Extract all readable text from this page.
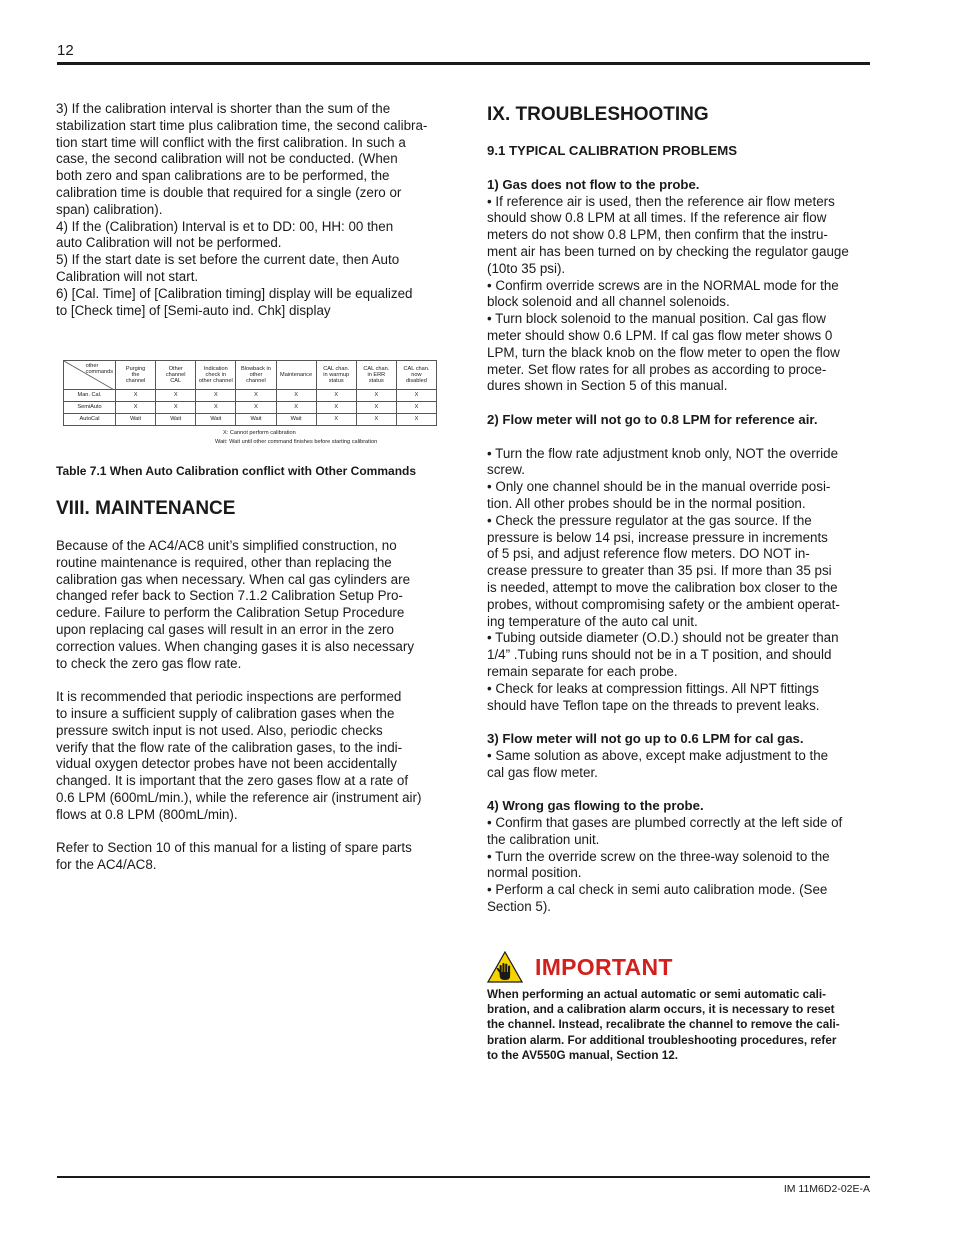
12

3) If the calibration interval is shorter than the sum of the
stabilization start time plus calibration time, the second calibra-
tion start time will conflict with the first calibration. In such a
case, the second calibration will not be conducted. (When
both zero and span calibrations are to be performed, the
calibration time is double that required for a single (zero or
span) calibration).
4) If the (Calibration) Interval is et to DD: 00, HH: 00 then
auto Calibration will not be performed.
5) If the start date is set before the current date, then Auto
Calibration will not start.
6) [Cal. Time] of [Calibration timing] display will be equalized
to [Check time] of [Semi-auto ind. Chk] display

other
commands	Purging
the
channel	Other
channel
CAL	Indication
check in
other channel	Blowback in
other
channel	Maintenance	CAL chan.
in warmup
status	CAL chan.
in ERR
status	CAL chan.
now
disabled
Man. Cal.	X	X	X	X	X	X	X	X
SemiAuto	X	X	X	X	X	X	X	X
AutoCal	Wait	Wait	Wait	Wait	Wait	X	X	X
X: Cannot perform calibration
Wait: Wait until other command finishes before starting calibration
Table 7.1 When Auto Calibration conflict with Other Commands

VIII. MAINTENANCE

Because of the AC4/AC8 unit’s simplified construction, no
routine maintenance is required, other than replacing the
calibration gas when necessary. When cal gas cylinders are
changed refer back to Section 7.1.2 Calibration Setup Pro-
cedure. Failure to perform the Calibration Setup Procedure
upon replacing cal gases will result in an error in the zero
correction values. When changing gases it is also necessary
to check the zero gas flow rate.

It is recommended that periodic inspections are performed
to insure a sufficient supply of calibration gases when the
pressure switch input is not used. Also, periodic checks
verify that the flow rate of the calibration gases, to the indi-
vidual oxygen detector probes have not been accidentally
changed. It is important that the zero gases flow at a rate of
0.6 LPM (600mL/min.), while the reference air (instrument air)
flows at 0.8 LPM (800mL/min).

Refer to Section 10 of this manual for a listing of spare parts
for the AC4/AC8.

IX. TROUBLESHOOTING

9.1 TYPICAL CALIBRATION PROBLEMS

1) Gas does not flow to the probe.

• If reference air is used, then the reference air flow meters
should show 0.8 LPM at all times. If the reference air flow
meters do not show 0.8 LPM, then confirm that the instru-
ment air has been turned on by checking the regulator gauge
(10to 35 psi).
• Confirm override screws are in the NORMAL mode for the
block solenoid and all channel solenoids.
• Turn block solenoid to the manual position. Cal gas flow
meter should show 0.6 LPM. If cal gas flow meter shows 0
LPM, turn the black knob on the flow meter to open the flow
meter. Set flow rates for all probes as according to proce-
dures shown in Section 5 of this manual.

2) Flow meter will not go to 0.8 LPM for reference air.

• Turn the flow rate adjustment knob only, NOT the override
screw.
• Only one channel should be in the manual override posi-
tion. All other probes should be in the normal position.
• Check the pressure regulator at the gas source. If the
pressure is below 14 psi, increase pressure in increments
of 5 psi, and adjust reference flow meters. DO NOT in-
crease pressure to greater than 35 psi. If more than 35 psi
is needed, attempt to move the calibration box closer to the
probes, without compromising safety or the ambient operat-
ing temperature of the auto cal unit.
• Tubing outside diameter (O.D.) should not be greater than
1/4” .Tubing runs should not be in a T position, and should
remain separate for each probe.
• Check for leaks at compression fittings. All NPT fittings
should have Teflon tape on the threads to prevent leaks.

3) Flow meter will not go up to 0.6 LPM for cal gas.

• Same solution as above, except make adjustment to the
cal gas flow meter.

4) Wrong gas flowing to the probe.

• Confirm that gases are plumbed correctly at the left side of
the calibration unit.
• Turn the override screw on the three-way solenoid to the
normal position.
• Perform a cal check in semi auto calibration mode. (See
Section 5).

IMPORTANT
When performing an actual automatic or semi automatic cali-
bration, and a calibration alarm occurs, it is necessary to reset
the channel. Instead, recalibrate the channel to remove the cali-
bration alarm. For additional troubleshooting procedures, refer
to the AV550G manual, Section 12.
IM 11M6D2-02E-A
